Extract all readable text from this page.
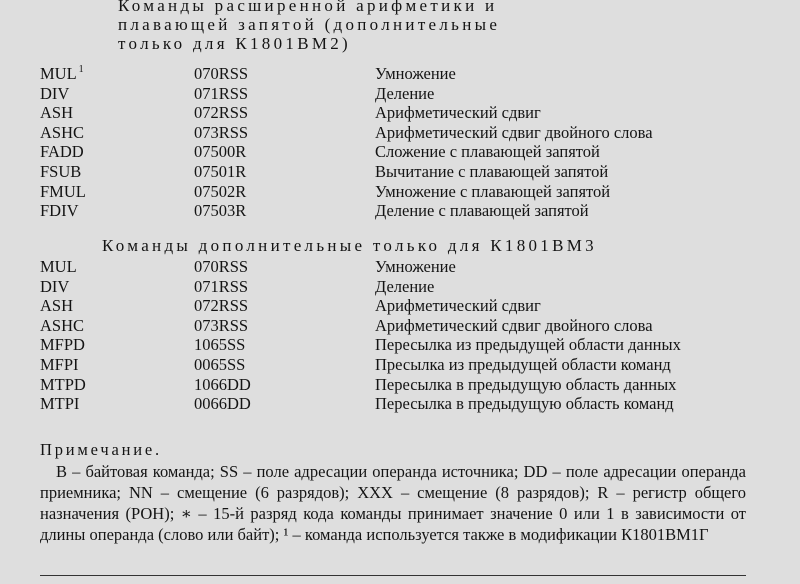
Команды расширенной арифметики и
плавающей запятой (дополнительные
только для К1801ВМ2)
MUL $^1$	070RSS	Умножение
DIV	071RSS	Деление
ASH	072RSS	Арифметический сдвиг
ASHC	073RSS	Арифметический сдвиг двойного слова
FADD	07500R	Сложение с плавающей запятой
FSUB	07501R	Вычитание с плавающей запятой
FMUL	07502R	Умножение с плавающей запятой
FDIV	07503R	Деление с плавающей запятой
Команды дополнительные только для К1801ВМ3
MUL	070RSS	Умножение
DIV	071RSS	Деление
ASH	072RSS	Арифметический сдвиг
ASHC	073RSS	Арифметический сдвиг двойного слова
MFPD	1065SS	Пересылка из предыдущей области данных
MFPI	0065SS	Пресылка из предыдущей области команд
MTPD	1066DD	Пересылка в предыдущую область данных
MTPI	0066DD	Пересылка в предыдущую область команд

Примечание.

В – байтовая команда; SS – поле адресации операнда источника; DD – поле адресации операнда приемника; NN – смещение (6 разрядов); XXX – смещение (8 разрядов); R – регистр общего назначения (РОН); ∗ – 15-й разряд кода команды принимает значение 0 или 1 в зависимости от длины операнда (слово или байт); ¹ – команда используется также в модификации К1801ВМ1Г
